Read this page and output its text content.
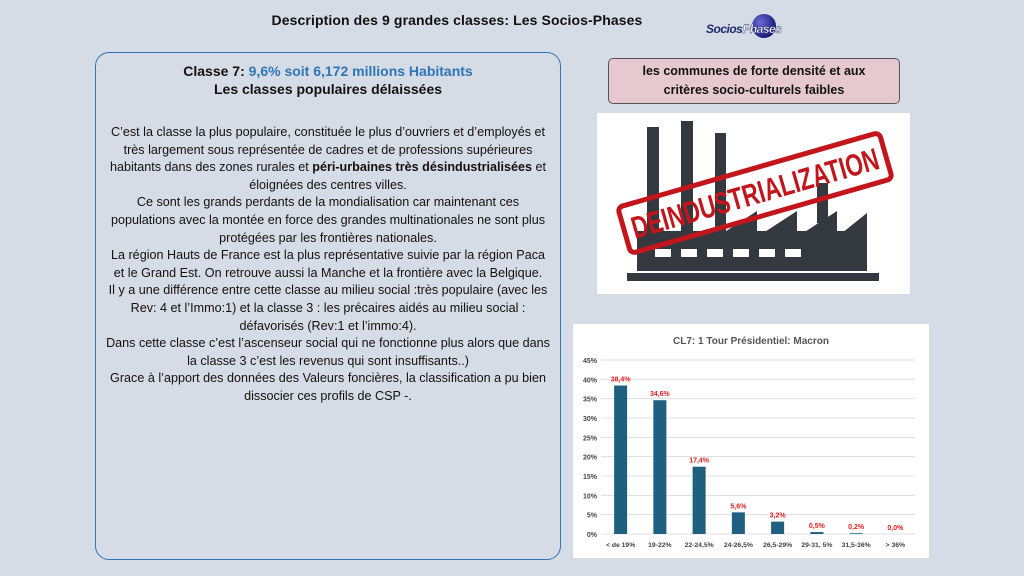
Description des 9 grandes classes: Les Socios-Phases
SociosPhases
Classe 7: 9,6% soit 6,172 millions Habitants
Les classes populaires délaissées
C’est la classe la plus populaire, constituée le plus d’ouvriers et d’employés et très largement sous représentée de cadres et de professions supérieures habitants dans des zones rurales et péri-urbaines très désindustrialisées et éloignées des centres villes.
Ce sont les grands perdants de la mondialisation car maintenant ces populations avec la montée en force des grandes multinationales ne sont plus protégées par les frontières nationales.
La région Hauts de France est la plus représentative suivie par la région Paca et le Grand Est. On retrouve aussi la Manche et la frontière avec la Belgique.
Il y a une différence entre cette classe au milieu social :très populaire (avec les Rev: 4 et l’Immo:1) et la classe 3 : les précaires aidés au milieu social : défavorisés (Rev:1 et l’immo:4).
Dans cette classe c’est l’ascenseur social qui ne fonctionne plus alors que dans la classe 3 c’est les revenus qui sont insuffisants..)
Grace à l’apport des données des Valeurs foncières, la classification a pu bien dissocier ces profils de CSP -.
les communes de forte densité et aux
critères socio-culturels faibles
DEINDUSTRIALIZATION
CL7: 1 Tour Présidentiel: Macron
0%
5%
10%
15%
20%
25%
30%
35%
40%
45%
38,4%
< de 19%
34,6%
19-22%
17,4%
22-24,5%
5,6%
24-26,5%
3,2%
26,5-29%
0,5%
29-31, 5%
0,2%
31,5-36%
0,0%
> 36%
